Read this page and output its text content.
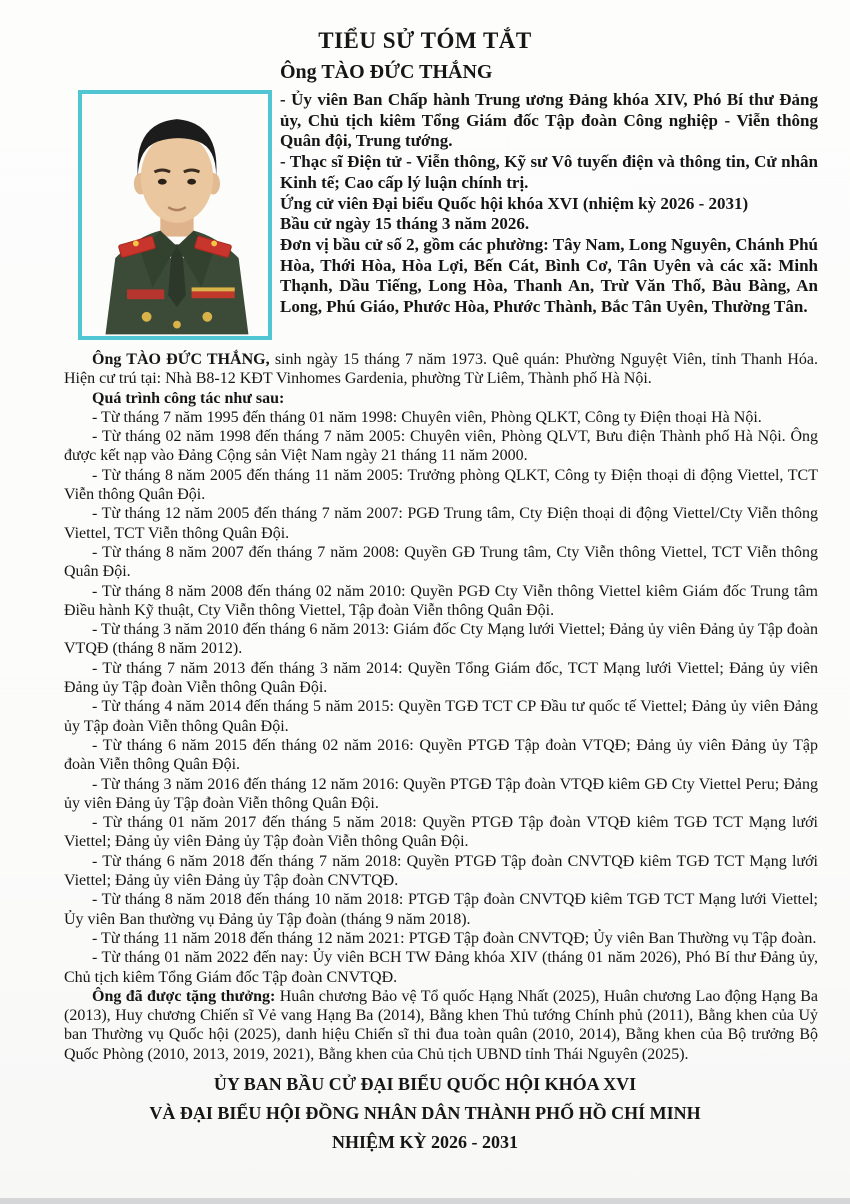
TIỂU SỬ TÓM TẮT
Ông TÀO ĐỨC THẮNG

- Ủy viên Ban Chấp hành Trung ương Đảng khóa XIV, Phó Bí thư Đảng ủy, Chủ tịch kiêm Tổng Giám đốc Tập đoàn Công nghiệp - Viễn thông Quân đội, Trung tướng.

- Thạc sĩ Điện tử - Viễn thông, Kỹ sư Vô tuyến điện và thông tin, Cử nhân Kinh tế; Cao cấp lý luận chính trị.

Ứng cử viên Đại biểu Quốc hội khóa XVI (nhiệm kỳ 2026 - 2031)

Bầu cử ngày 15 tháng 3 năm 2026.

Đơn vị bầu cử số 2, gồm các phường: Tây Nam, Long Nguyên, Chánh Phú Hòa, Thới Hòa, Hòa Lợi, Bến Cát, Bình Cơ, Tân Uyên và các xã: Minh Thạnh, Dầu Tiếng, Long Hòa, Thanh An, Trừ Văn Thố, Bàu Bàng, An Long, Phú Giáo, Phước Hòa, Phước Thành, Bắc Tân Uyên, Thường Tân.

Ông TÀO ĐỨC THẮNG, sinh ngày 15 tháng 7 năm 1973. Quê quán: Phường Nguyệt Viên, tỉnh Thanh Hóa. Hiện cư trú tại: Nhà B8-12 KĐT Vinhomes Gardenia, phường Từ Liêm, Thành phố Hà Nội.

Quá trình công tác như sau:

- Từ tháng 7 năm 1995 đến tháng 01 năm 1998: Chuyên viên, Phòng QLKT, Công ty Điện thoại Hà Nội.

- Từ tháng 02 năm 1998 đến tháng 7 năm 2005: Chuyên viên, Phòng QLVT, Bưu điện Thành phố Hà Nội. Ông được kết nạp vào Đảng Cộng sản Việt Nam ngày 21 tháng 11 năm 2000.

- Từ tháng 8 năm 2005 đến tháng 11 năm 2005: Trưởng phòng QLKT, Công ty Điện thoại di động Viettel, TCT Viễn thông Quân Đội.

- Từ tháng 12 năm 2005 đến tháng 7 năm 2007: PGĐ Trung tâm, Cty Điện thoại di động Viettel/Cty Viễn thông Viettel, TCT Viễn thông Quân Đội.

- Từ tháng 8 năm 2007 đến tháng 7 năm 2008: Quyền GĐ Trung tâm, Cty Viễn thông Viettel, TCT Viễn thông Quân Đội.

- Từ tháng 8 năm 2008 đến tháng 02 năm 2010: Quyền PGĐ Cty Viễn thông Viettel kiêm Giám đốc Trung tâm Điều hành Kỹ thuật, Cty Viễn thông Viettel, Tập đoàn Viễn thông Quân Đội.

- Từ tháng 3 năm 2010 đến tháng 6 năm 2013: Giám đốc Cty Mạng lưới Viettel; Đảng ủy viên Đảng ủy Tập đoàn VTQĐ (tháng 8 năm 2012).

- Từ tháng 7 năm 2013 đến tháng 3 năm 2014: Quyền Tổng Giám đốc, TCT Mạng lưới Viettel; Đảng ủy viên Đảng ủy Tập đoàn Viễn thông Quân Đội.

- Từ tháng 4 năm 2014 đến tháng 5 năm 2015: Quyền TGĐ TCT CP Đầu tư quốc tế Viettel; Đảng ủy viên Đảng ủy Tập đoàn Viễn thông Quân Đội.

- Từ tháng 6 năm 2015 đến tháng 02 năm 2016: Quyền PTGĐ Tập đoàn VTQĐ; Đảng ủy viên Đảng ủy Tập đoàn Viễn thông Quân Đội.

- Từ tháng 3 năm 2016 đến tháng 12 năm 2016: Quyền PTGĐ Tập đoàn VTQĐ kiêm GĐ Cty Viettel Peru; Đảng ủy viên Đảng ủy Tập đoàn Viễn thông Quân Đội.

- Từ tháng 01 năm 2017 đến tháng 5 năm 2018: Quyền PTGĐ Tập đoàn VTQĐ kiêm TGĐ TCT Mạng lưới Viettel; Đảng ủy viên Đảng ủy Tập đoàn Viễn thông Quân Đội.

- Từ tháng 6 năm 2018 đến tháng 7 năm 2018: Quyền PTGĐ Tập đoàn CNVTQĐ kiêm TGĐ TCT Mạng lưới Viettel; Đảng ủy viên Đảng ủy Tập đoàn CNVTQĐ.

- Từ tháng 8 năm 2018 đến tháng 10 năm 2018: PTGĐ Tập đoàn CNVTQĐ kiêm TGĐ TCT Mạng lưới Viettel; Ủy viên Ban thường vụ Đảng ủy Tập đoàn (tháng 9 năm 2018).

- Từ tháng 11 năm 2018 đến tháng 12 năm 2021: PTGĐ Tập đoàn CNVTQĐ; Ủy viên Ban Thường vụ Tập đoàn.

- Từ tháng 01 năm 2022 đến nay: Ủy viên BCH TW Đảng khóa XIV (tháng 01 năm 2026), Phó Bí thư Đảng ủy, Chủ tịch kiêm Tổng Giám đốc Tập đoàn CNVTQĐ.

Ông đã được tặng thưởng: Huân chương Bảo vệ Tổ quốc Hạng Nhất (2025), Huân chương Lao động Hạng Ba (2013), Huy chương Chiến sĩ Vẻ vang Hạng Ba (2014), Bằng khen Thủ tướng Chính phủ (2011), Bằng khen của Uỷ ban Thường vụ Quốc hội (2025), danh hiệu Chiến sĩ thi đua toàn quân (2010, 2014), Bằng khen của Bộ trưởng Bộ Quốc Phòng (2010, 2013, 2019, 2021), Bằng khen của Chủ tịch UBND tỉnh Thái Nguyên (2025).

ỦY BAN BẦU CỬ ĐẠI BIỂU QUỐC HỘI KHÓA XVI
VÀ ĐẠI BIỂU HỘI ĐỒNG NHÂN DÂN THÀNH PHỐ HỒ CHÍ MINH
NHIỆM KỲ 2026 - 2031
